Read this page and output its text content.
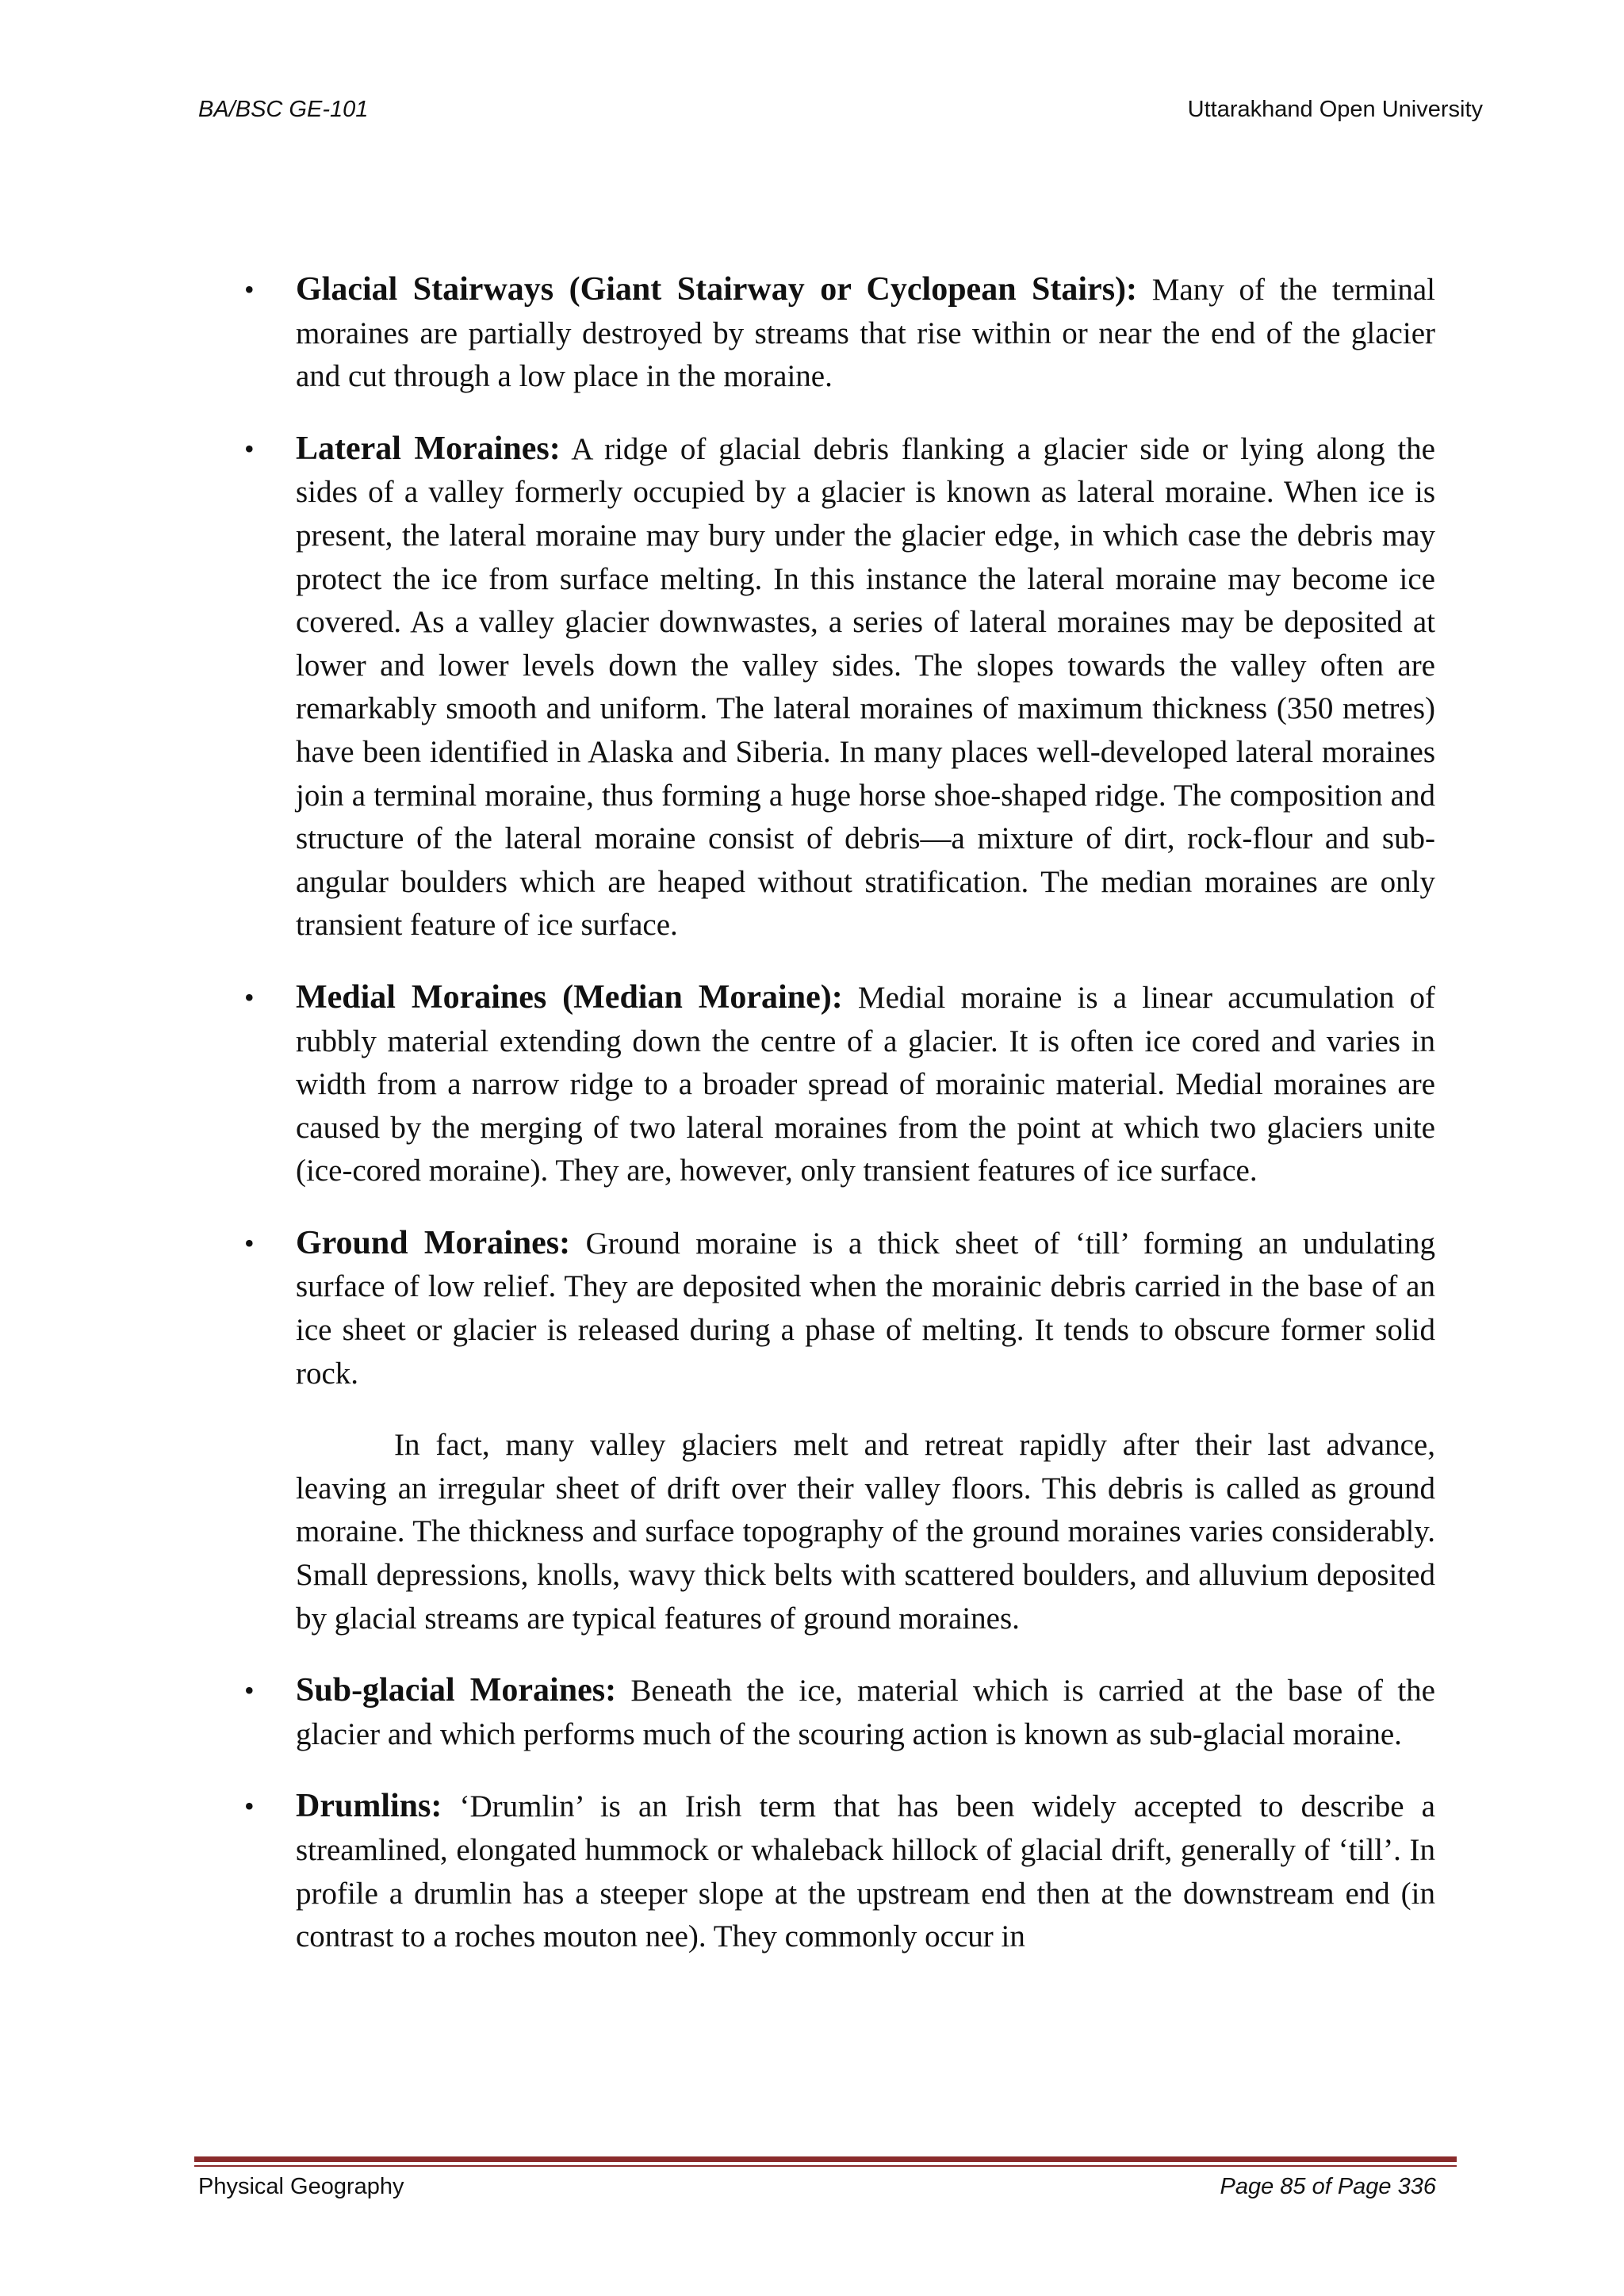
BA/BSC GE-101	Uttarakhand Open University
• Glacial Stairways (Giant Stairway or Cyclopean Stairs): Many of the terminal moraines are partially destroyed by streams that rise within or near the end of the glacier and cut through a low place in the moraine.
• Lateral Moraines: A ridge of glacial debris flanking a glacier side or lying along the sides of a valley formerly occupied by a glacier is known as lateral moraine. When ice is present, the lateral moraine may bury under the glacier edge, in which case the debris may protect the ice from surface melting. In this instance the lateral moraine may become ice covered. As a valley glacier downwastes, a series of lateral moraines may be deposited at lower and lower levels down the valley sides. The slopes towards the valley often are remarkably smooth and uniform. The lateral moraines of maximum thickness (350 metres) have been identified in Alaska and Siberia. In many places well-developed lateral moraines join a terminal moraine, thus forming a huge horse shoe-shaped ridge. The composition and structure of the lateral moraine consist of debris—a mixture of dirt, rock-flour and sub-angular boulders which are heaped without stratification. The median moraines are only transient feature of ice surface.
• Medial Moraines (Median Moraine): Medial moraine is a linear accumulation of rubbly material extending down the centre of a glacier. It is often ice cored and varies in width from a narrow ridge to a broader spread of morainic material. Medial moraines are caused by the merging of two lateral moraines from the point at which two glaciers unite (ice-cored moraine). They are, however, only transient features of ice surface.
• Ground Moraines: Ground moraine is a thick sheet of ‘till’ forming an undulating surface of low relief. They are deposited when the morainic debris carried in the base of an ice sheet or glacier is released during a phase of melting. It tends to obscure former solid rock.
In fact, many valley glaciers melt and retreat rapidly after their last advance, leaving an irregular sheet of drift over their valley floors. This debris is called as ground moraine. The thickness and surface topography of the ground moraines varies considerably. Small depressions, knolls, wavy thick belts with scattered boulders, and alluvium deposited by glacial streams are typical features of ground moraines.
• Sub-glacial Moraines: Beneath the ice, material which is carried at the base of the glacier and which performs much of the scouring action is known as sub-glacial moraine.
• Drumlins: ‘Drumlin’ is an Irish term that has been widely accepted to describe a streamlined, elongated hummock or whaleback hillock of glacial drift, generally of ‘till’. In profile a drumlin has a steeper slope at the upstream end then at the downstream end (in contrast to a roches mouton nee). They commonly occur in
Physical Geography	Page 85 of Page 336
